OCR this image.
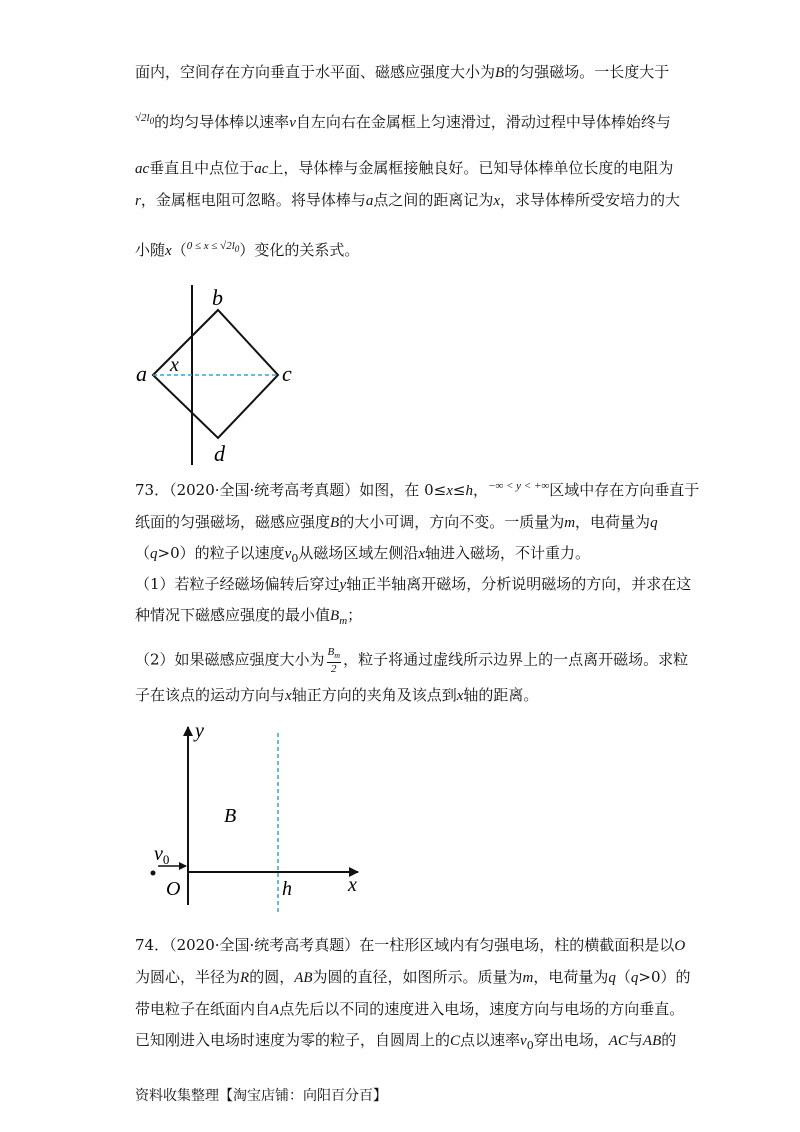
面内，空间存在方向垂直于水平面、磁感应强度大小为B的匀强磁场。一长度大于
$^{√2l_0}$的均匀导体棒以速率v自左向右在金属框上匀速滑过，滑动过程中导体棒始终与
ac垂直且中点位于ac上，导体棒与金属框接触良好。已知导体棒单位长度的电阻为
r，金属框电阻可忽略。将导体棒与a点之间的距离记为x，求导体棒所受安培力的大
小随x（$^{0 \le x \le √2l_0}$）变化的关系式。
a
b
c
d
x
73．（2020·全国·统考高考真题）如图，在 0≤x≤h，$^{-\infty < y < +\infty}$区域中存在方向垂直于
纸面的匀强磁场，磁感应强度B的大小可调，方向不变。一质量为m，电荷量为q
（q>0）的粒子以速度$v_0$从磁场区域左侧沿x轴进入磁场，不计重力。
（1）若粒子经磁场偏转后穿过y轴正半轴离开磁场，分析说明磁场的方向，并求在这
种情况下磁感应强度的最小值$B_m$；
（2）如果磁感应强度大小为 $\frac{B_m}{2}$ ，粒子将通过虚线所示边界上的一点离开磁场。求粒
子在该点的运动方向与x轴正方向的夹角及该点到x轴的距离。
y
x
O	h
B
$v_0$
74．（2020·全国·统考高考真题）在一柱形区域内有匀强电场，柱的横截面积是以O
为圆心，半径为R的圆，AB为圆的直径，如图所示。质量为m，电荷量为q（q>0）的
带电粒子在纸面内自A点先后以不同的速度进入电场，速度方向与电场的方向垂直。
已知刚进入电场时速度为零的粒子，自圆周上的C点以速率$v_0$穿出电场，AC与AB的
资料收集整理【淘宝店铺：向阳百分百】
